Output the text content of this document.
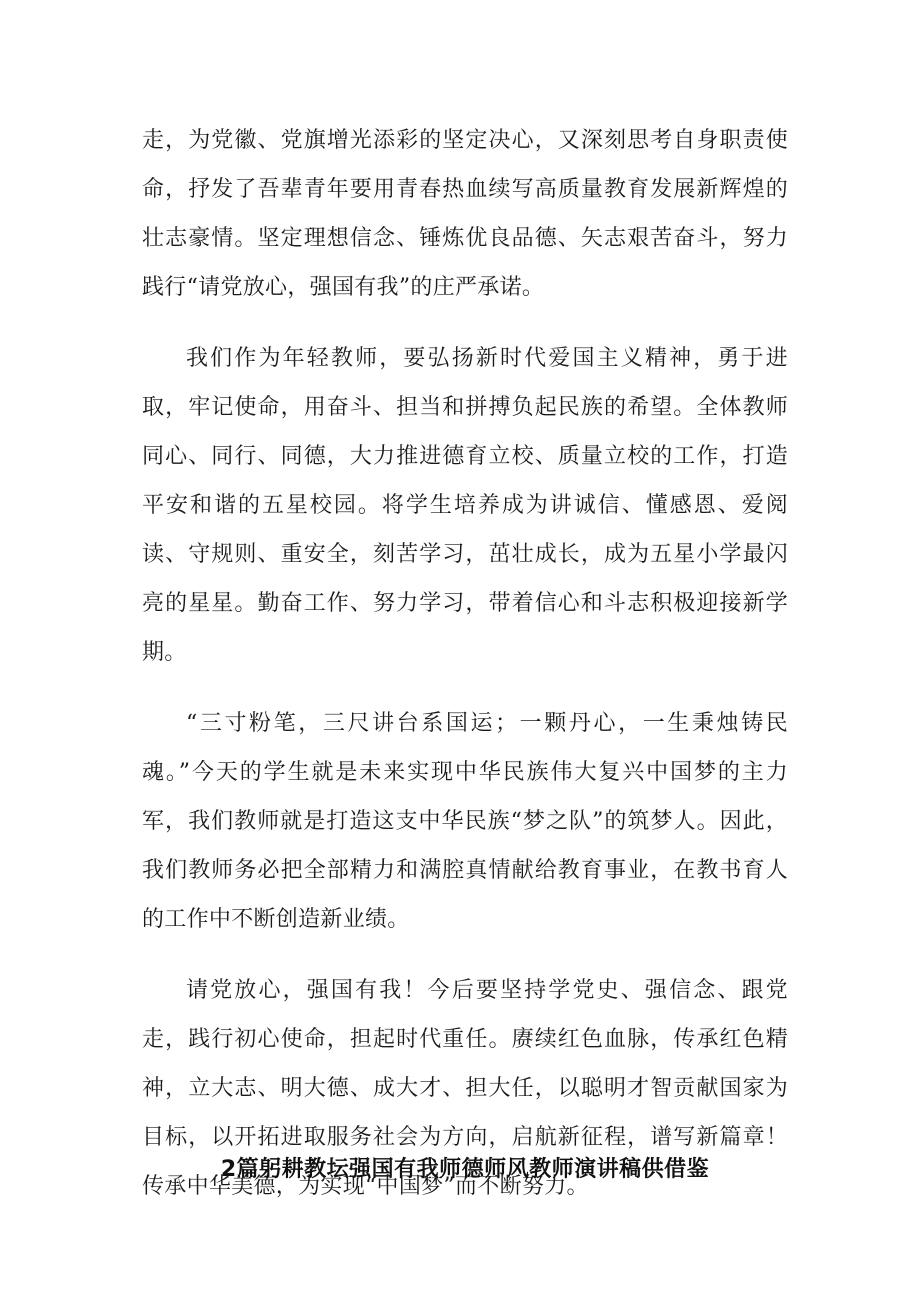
走，为党徽、党旗增光添彩的坚定决心，又深刻思考自身职责使命，抒发了吾辈青年要用青春热血续写高质量教育发展新辉煌的壮志豪情。坚定理想信念、锤炼优良品德、矢志艰苦奋斗，努力践行“请党放心，强国有我”的庄严承诺。

我们作为年轻教师，要弘扬新时代爱国主义精神，勇于进取，牢记使命，用奋斗、担当和拼搏负起民族的希望。全体教师同心、同行、同德，大力推进德育立校、质量立校的工作，打造平安和谐的五星校园。将学生培养成为讲诚信、懂感恩、爱阅读、守规则、重安全，刻苦学习，茁壮成长，成为五星小学最闪亮的星星。勤奋工作、努力学习，带着信心和斗志积极迎接新学期。

“三寸粉笔，三尺讲台系国运；一颗丹心，一生秉烛铸民魂。”今天的学生就是未来实现中华民族伟大复兴中国梦的主力军，我们教师就是打造这支中华民族“梦之队”的筑梦人。因此，我们教师务必把全部精力和满腔真情献给教育事业，在教书育人的工作中不断创造新业绩。

请党放心，强国有我！今后要坚持学党史、强信念、跟党走，践行初心使命，担起时代重任。赓续红色血脉，传承红色精神，立大志、明大德、成大才、担大任，以聪明才智贡献国家为目标，以开拓进取服务社会为方向，启航新征程，谱写新篇章！传承中华美德，为实现“中国梦”而不断努力。

2篇躬耕教坛强国有我师德师风教师演讲稿供借鉴
